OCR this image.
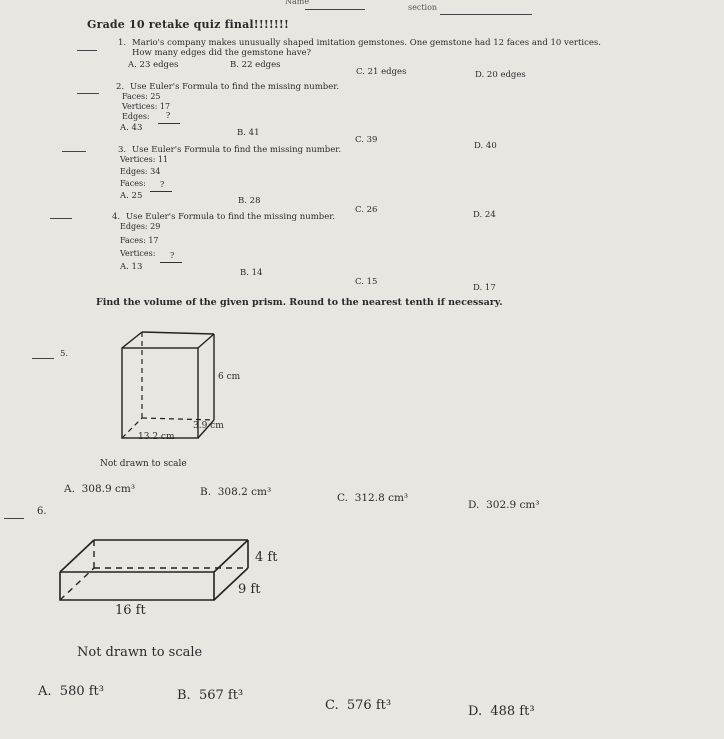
Name
section
Grade 10 retake quiz final!!!!!!!
1. Mario's company makes unusually shaped imitation gemstones. One gemstone had 12 faces and 10 vertices.
How many edges did the gemstone have?
A. 23 edges	B. 22 edges
C. 21 edges	D. 20 edges
2. Use Euler's Formula to find the missing number.
Faces: 25
Vertices: 17
Edges: ?
A. 43	B. 41
C. 39
D. 40
3. Use Euler's Formula to find the missing number.
Vertices: 11
Edges: 34
Faces: ?
A. 25	B. 28
C. 26	D. 24
4. Use Euler's Formula to find the missing number.
Edges: 29
Faces: 17
Vertices: ?
A. 13
B. 14
C. 15
D. 17
Find the volume of the given prism. Round to the nearest tenth if necessary.
5.
6 cm
3.9 cm
13.2 cm
Not drawn to scale
A. 308.9 cm³	B. 308.2 cm³	C. 312.8 cm³
D. 302.9 cm³
6.
4 ft
9 ft
16 ft
Not drawn to scale
A. 580 ft³	B. 567 ft³
C. 576 ft³	D. 488 ft³
